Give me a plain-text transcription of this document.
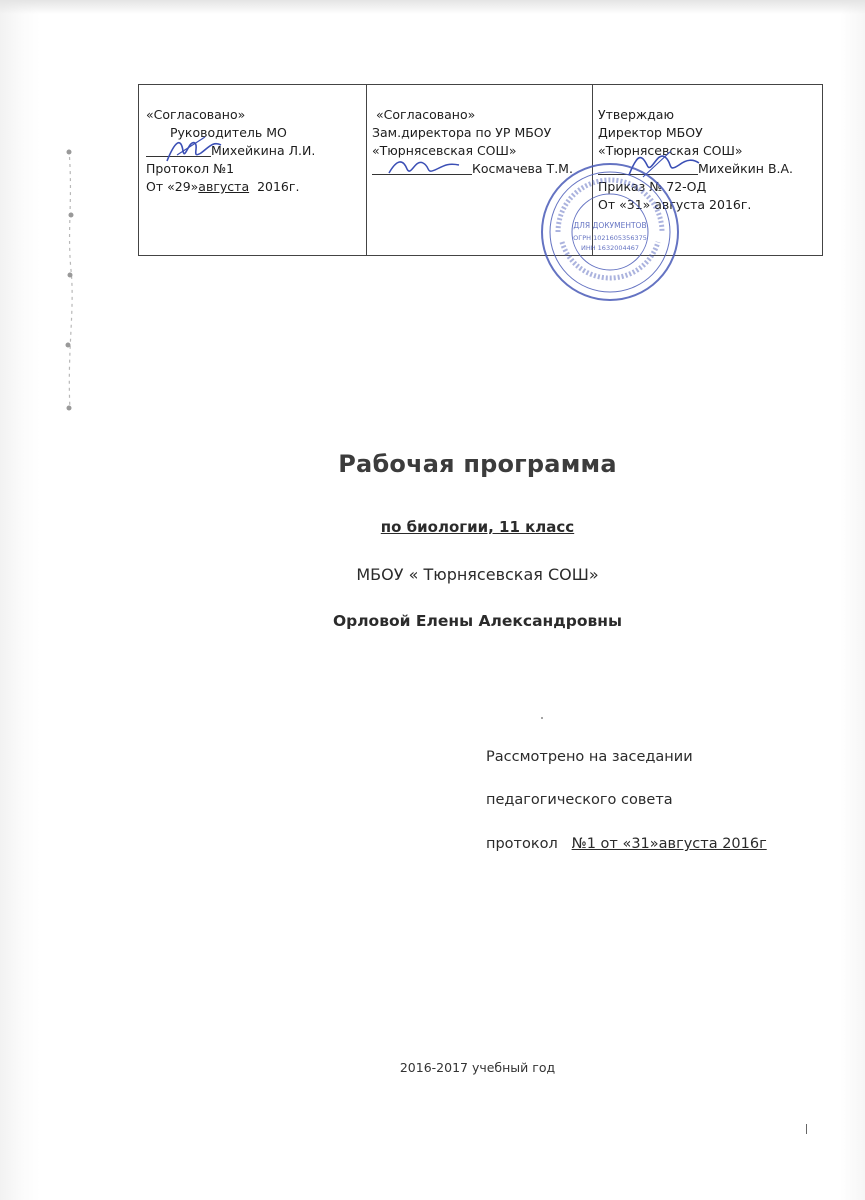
«Согласовано»
Руководитель МО
Михейкина Л.И.
Протокол №1
От «29»августа 2016г.

«Согласовано»
Зам.директора по УР МБОУ
«Тюрнясевская СОШ»
Космачева Т.М.

Утверждаю
Директор МБОУ
«Тюрнясевская СОШ»
Михейкин В.А.
Приказ № 72-ОД
От «31» августа 2016г.
ДЛЯ ДОКУМЕНТОВ
ОГРН 1021605356375
ИНН 1632004467
Рабочая программа
по биологии, 11 класс
МБОУ « Тюрнясевская СОШ»
Орловой Елены Александровны
Рассмотрено на заседании
педагогического совета
протокол   №1 от «31»августа 2016г
2016-2017 учебный год
